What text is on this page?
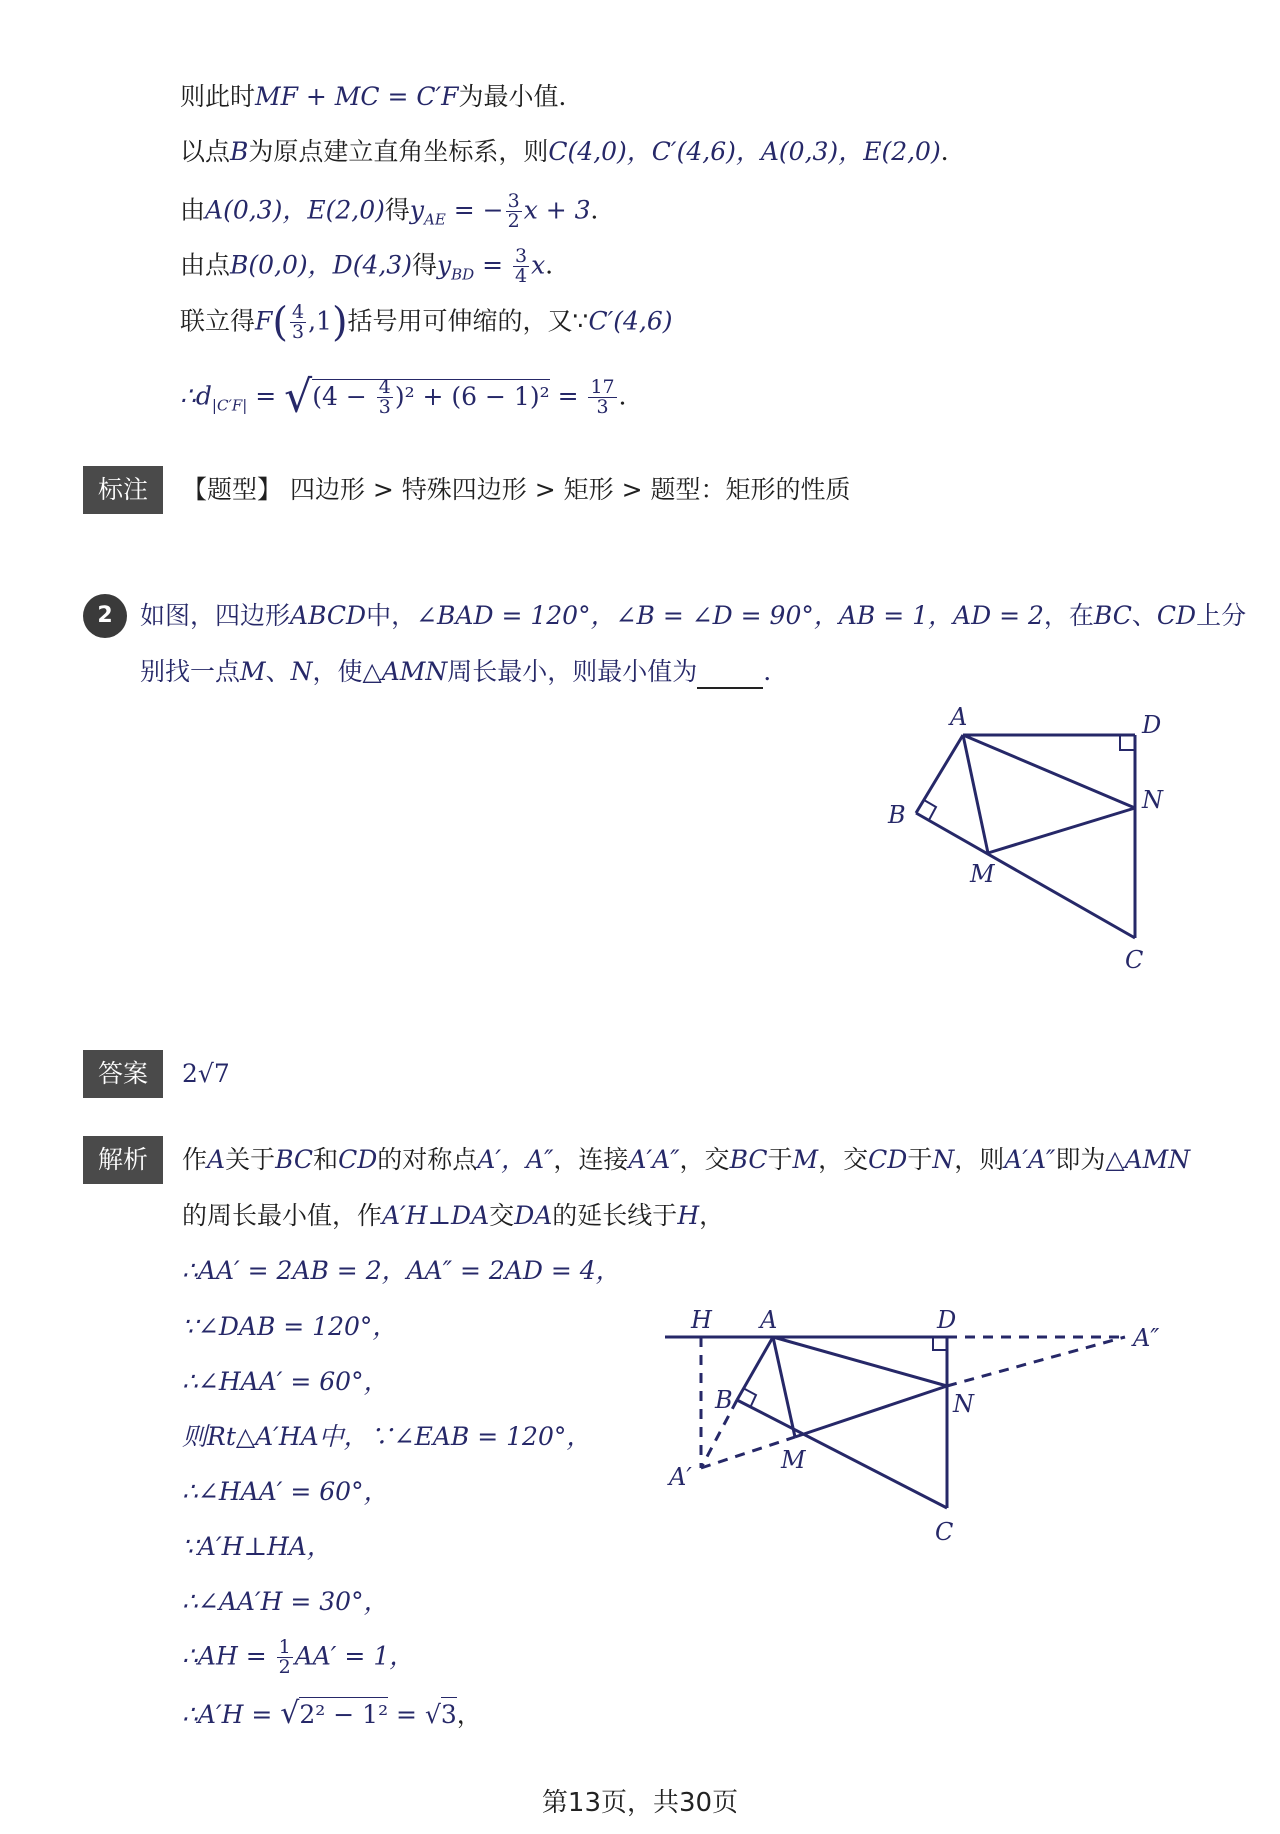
则此时MF + MC = C′F为最小值．
以点B为原点建立直角坐标系，则C(4,0)，C′(4,6)，A(0,3)，E(2,0)．
由A(0,3)，E(2,0)得$y_{AE}$ = − $\frac{3}{2}$ x + 3．
由点B(0,0)，D(4,3)得$y_{BD} = \frac{3}{4}$ x．
联立得$F( \frac{4}{3} ,1)$括号用可伸缩的，又∵C′(4,6)
$\therefore d_{|C'F|} = √(4 - \frac{4}{3} )^2 + (6 - 1)^2 = \frac{17}{3}$ ．
标注	【题型】 四边形 > 特殊四边形 > 矩形 > 题型：矩形的性质
2	如图，四边形ABCD中，∠BAD = 120°，∠B = ∠D = 90°，AB = 1，AD = 2，在BC、CD上分
别找一点M、N，使△AMN周长最小，则最小值为	．
A	D
B
N
M
C
答案	2√7
解析	作A关于BC和CD的对称点A′，A″，连接A′A″，交BC于M，交CD于N，则A′A″即为△AMN
的周长最小值，作A′H⊥DA交DA的延长线于H，
∴AA′ = 2AB = 2，AA″ = 2AD = 4，
∵∠DAB = 120°，
∴∠HAA′ = 60°，
则Rt△A′HA中，∵∠EAB = 120°，
∴∠HAA′ = 60°，
∵A′H⊥HA，
∴∠AA′H = 30°，
∴AH = $\frac{1}{2} AA' = 1$，
∴A′H = √2² − 1² = √3，
H A	D
A″
B	N
A′
M
C
第13页，共30页
